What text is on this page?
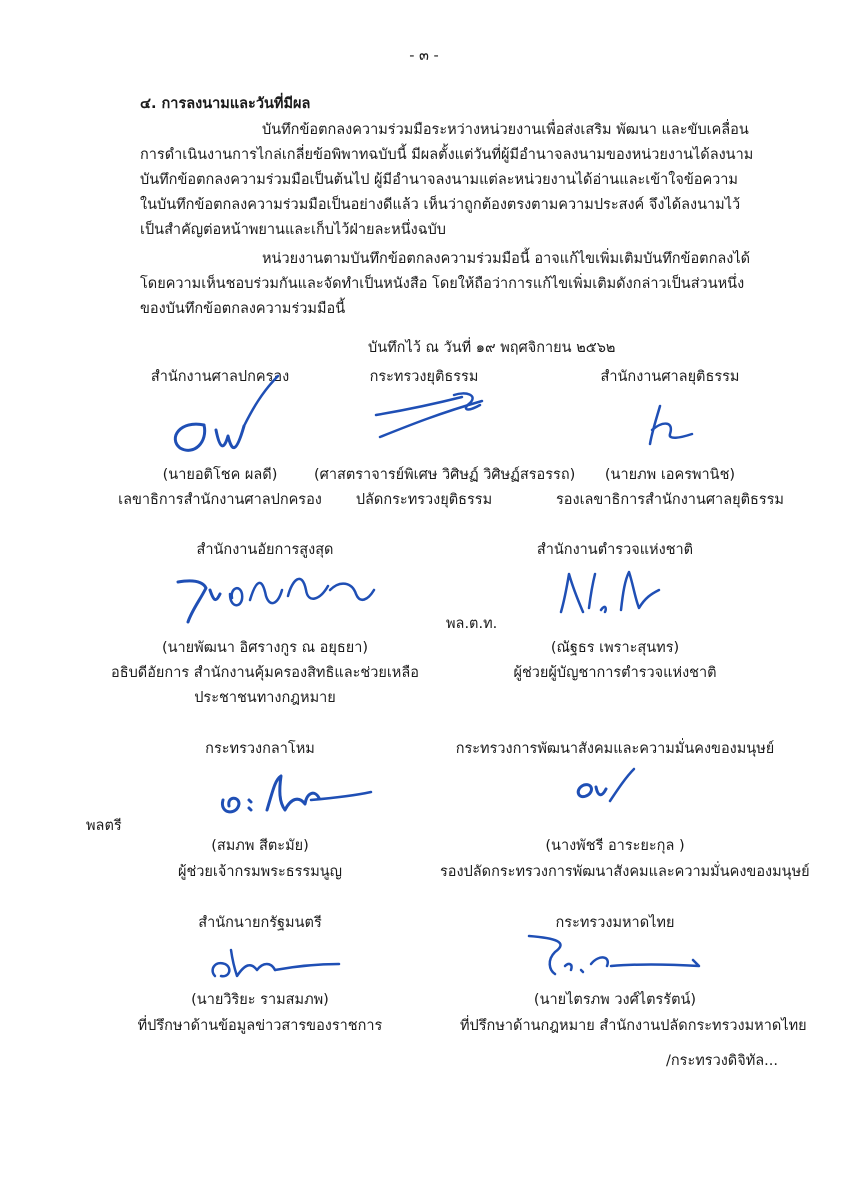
- ๓ -
๔. การลงนามและวันที่มีผล
บันทึกข้อตกลงความร่วมมือระหว่างหน่วยงานเพื่อส่งเสริม พัฒนา และขับเคลื่อน
การดำเนินงานการไกล่เกลี่ยข้อพิพาทฉบับนี้ มีผลตั้งแต่วันที่ผู้มีอำนาจลงนามของหน่วยงานได้ลงนาม
บันทึกข้อตกลงความร่วมมือเป็นต้นไป ผู้มีอำนาจลงนามแต่ละหน่วยงานได้อ่านและเข้าใจข้อความ
ในบันทึกข้อตกลงความร่วมมือเป็นอย่างดีแล้ว เห็นว่าถูกต้องตรงตามความประสงค์ จึงได้ลงนามไว้
เป็นสำคัญต่อหน้าพยานและเก็บไว้ฝ่ายละหนึ่งฉบับ
หน่วยงานตามบันทึกข้อตกลงความร่วมมือนี้ อาจแก้ไขเพิ่มเติมบันทึกข้อตกลงได้
โดยความเห็นชอบร่วมกันและจัดทำเป็นหนังสือ โดยให้ถือว่าการแก้ไขเพิ่มเติมดังกล่าวเป็นส่วนหนึ่ง
ของบันทึกข้อตกลงความร่วมมือนี้
บันทึกไว้ ณ วันที่ ๑๙ พฤศจิกายน ๒๕๖๒
สำนักงานศาลปกครอง
(นายอติโชค ผลดี)
เลขาธิการสำนักงานศาลปกครอง
กระทรวงยุติธรรม
(ศาสตราจารย์พิเศษ วิศิษฏ์ วิศิษฏ์สรอรรถ)
ปลัดกระทรวงยุติธรรม
สำนักงานศาลยุติธรรม
(นายภพ เอครพานิช)
รองเลขาธิการสำนักงานศาลยุติธรรม
สำนักงานอัยการสูงสุด
(นายพัฒนา อิศรางกูร ณ อยุธยา)
อธิบดีอัยการ สำนักงานคุ้มครองสิทธิและช่วยเหลือ
ประชาชนทางกฎหมาย
สำนักงานตำรวจแห่งชาติ
พล.ต.ท.
(ณัฐธร เพราะสุนทร)
ผู้ช่วยผู้บัญชาการตำรวจแห่งชาติ
กระทรวงกลาโหม
พลตรี
(สมภพ สีตะมัย)
ผู้ช่วยเจ้ากรมพระธรรมนูญ
กระทรวงการพัฒนาสังคมและความมั่นคงของมนุษย์
(นางพัชรี อาระยะกุล )
รองปลัดกระทรวงการพัฒนาสังคมและความมั่นคงของมนุษย์
สำนักนายกรัฐมนตรี
(นายวิริยะ รามสมภพ)
ที่ปรึกษาด้านข้อมูลข่าวสารของราชการ
กระทรวงมหาดไทย
(นายไตรภพ วงศ์ไตรรัตน์)
ที่ปรึกษาด้านกฎหมาย สำนักงานปลัดกระทรวงมหาดไทย
/กระทรวงดิจิทัล...
